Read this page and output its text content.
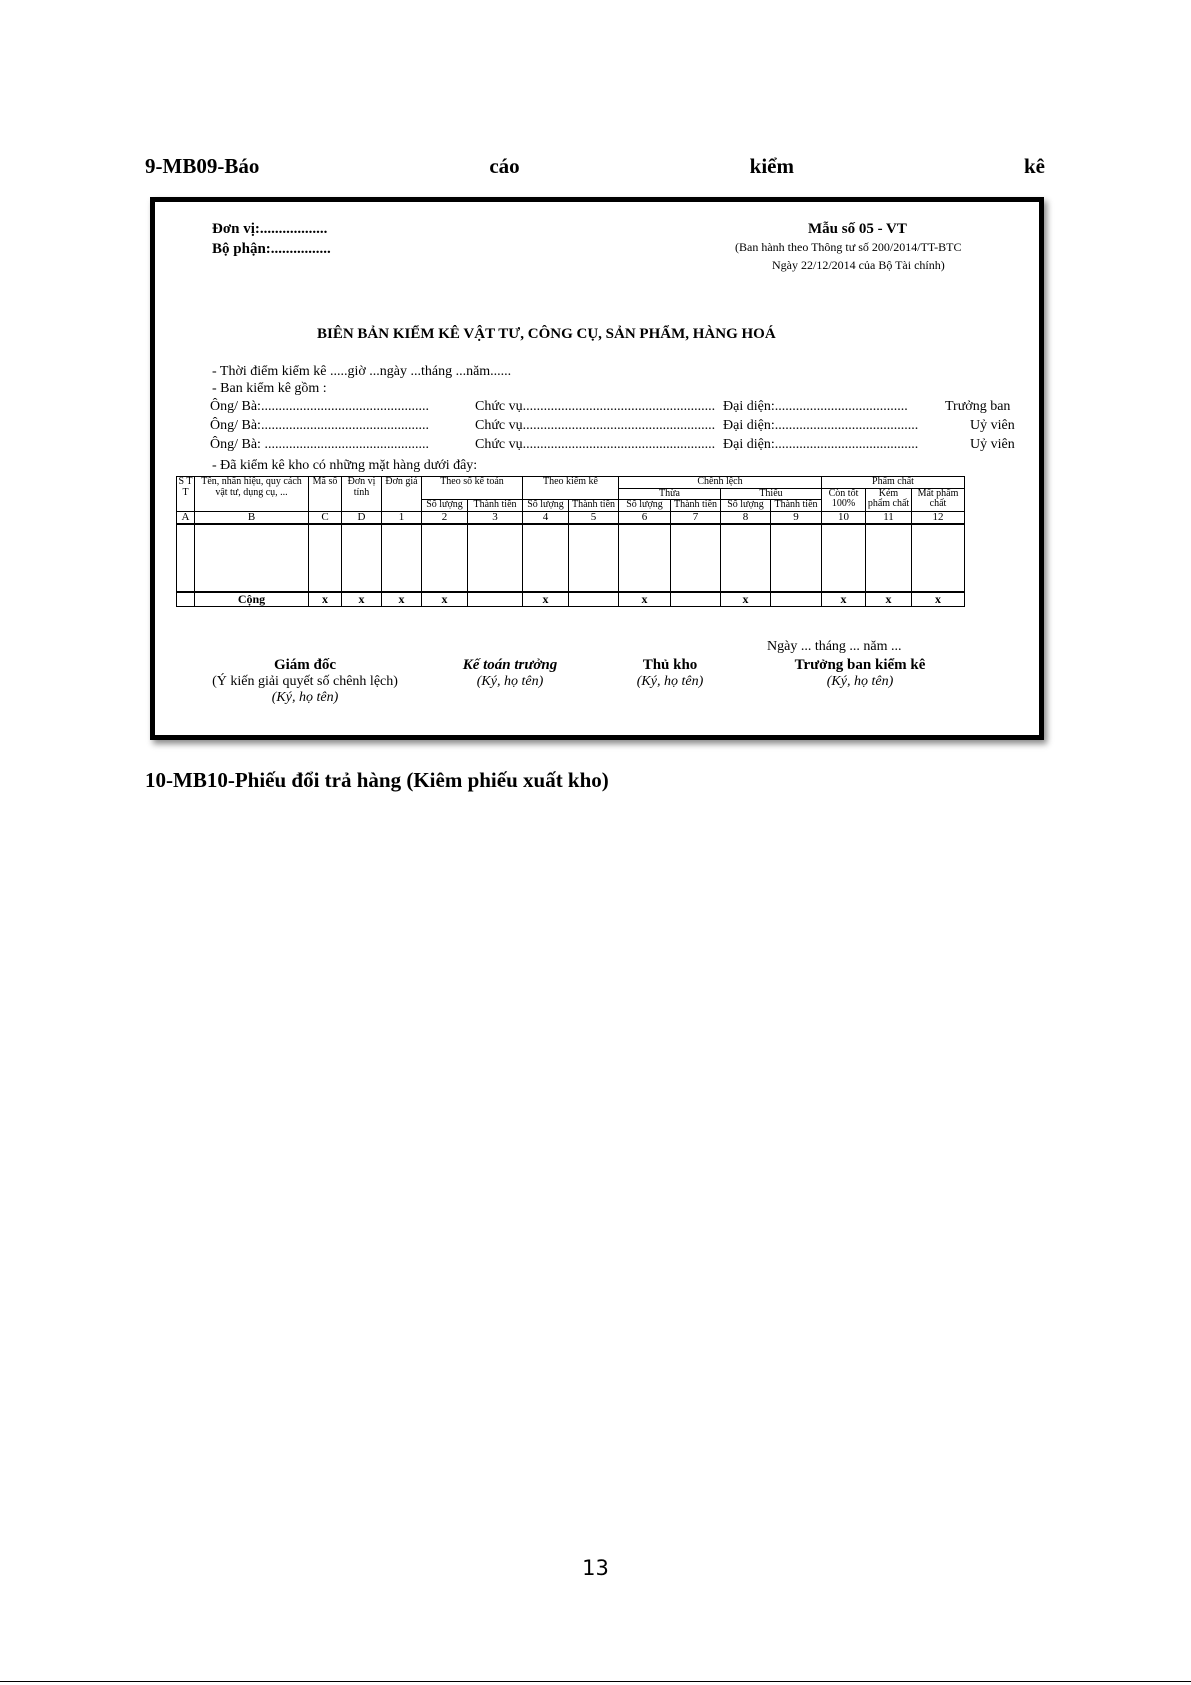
9-MB09-Báo	cáo	kiểm	kê
Đơn vị:..................
Bộ phận:................
Mẫu số 05 - VT
(Ban hành theo Thông tư số 200/2014/TT-BTC
Ngày 22/12/2014 của Bộ Tài chính)
BIÊN BẢN KIỂM KÊ VẬT TƯ, CÔNG CỤ, SẢN PHẨM, HÀNG HOÁ
- Thời điểm kiểm kê .....giờ ...ngày ...tháng ...năm......
- Ban kiểm kê gồm :
Ông/ Bà:................................................	Chức vụ....................................................... Đại diện:......................................	Trưởng ban
Ông/ Bà:................................................	Chức vụ....................................................... Đại diện:.........................................	Uỷ viên
Ông/ Bà: ...............................................	Chức vụ....................................................... Đại diện:.........................................	Uỷ viên
- Đã kiểm kê kho có những mặt hàng dưới đây:
S T T	Tên, nhãn hiệu, quy cách vật tư, dụng cụ, ...	Mã số	Đơn vị tính	Đơn giá	Theo sổ kế toán		Theo kiểm kê		Chênh lệch				Phẩm chất		
									Thừa		Thiếu		Còn tốt 100%	Kém phẩm chất	Mất phẩm chất
					Số lượng	Thành tiền	Số lượng	Thành tiền	Số lượng	Thành tiền	Số lượng	Thành tiền			
A	B	C	D	1	2	3	4	5	6	7	8	9	10	11	12

	Cộng	x	x	x	x		x		x		x		x	x	x
Ngày ... tháng ... năm ...
Giám đốc
(Ý kiến giải quyết số chênh lệch)
(Ký, họ tên)
Kế toán trưởng
(Ký, họ tên)
Thủ kho
(Ký, họ tên)
Trưởng ban kiểm kê
(Ký, họ tên)
10-MB10-Phiếu đổi trả hàng (Kiêm phiếu xuất kho)
13
